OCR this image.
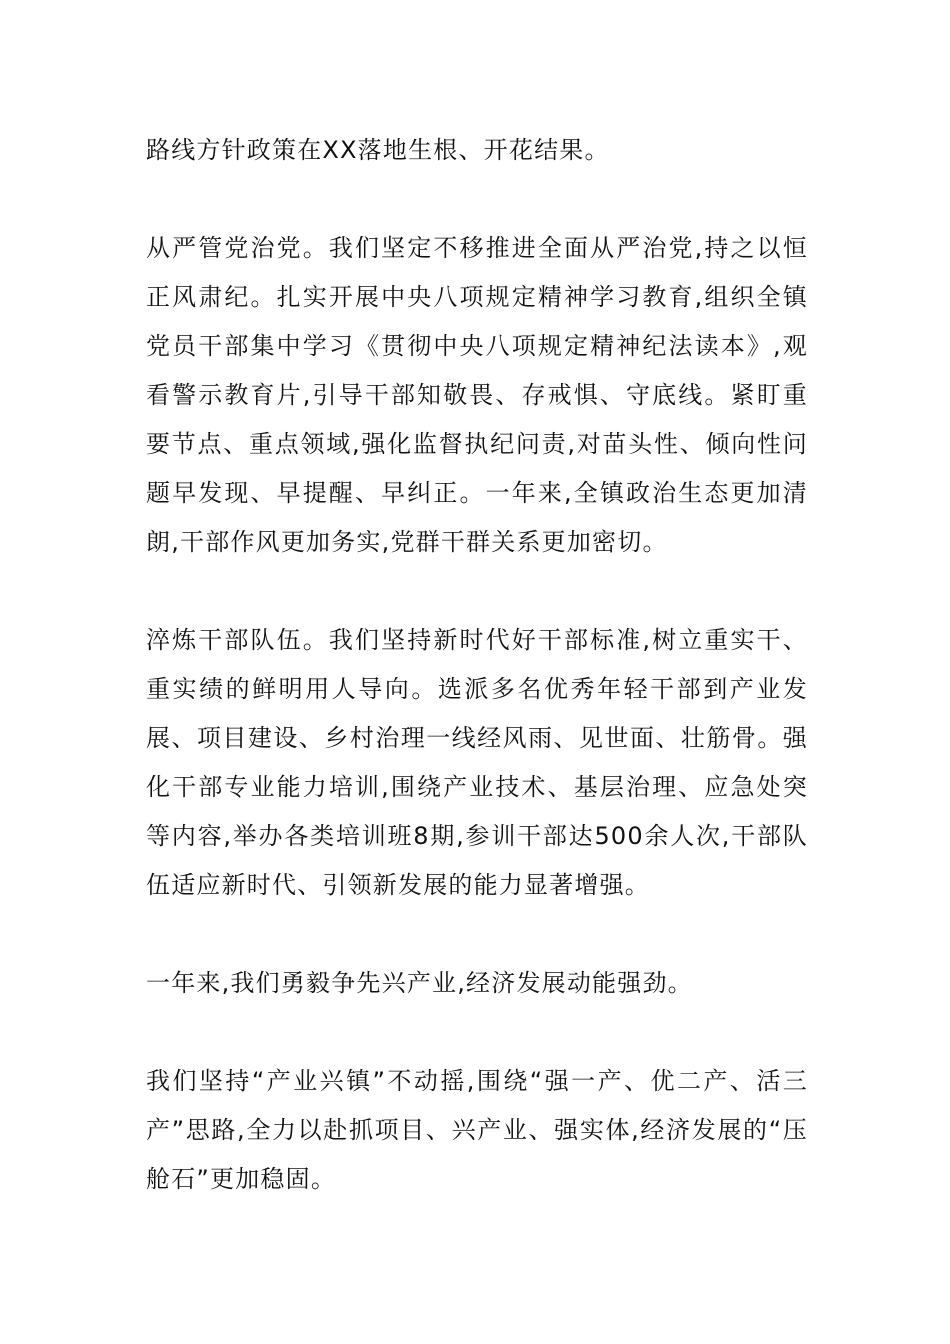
路线方针政策在XX落地生根、开花结果。

从严管党治党。我们坚定不移推进全面从严治党,持之以恒正风肃纪。扎实开展中央八项规定精神学习教育,组织全镇党员干部集中学习《贯彻中央八项规定精神纪法读本》,观看警示教育片,引导干部知敬畏、存戒惧、守底线。紧盯重要节点、重点领域,强化监督执纪问责,对苗头性、倾向性问题早发现、早提醒、早纠正。一年来,全镇政治生态更加清朗,干部作风更加务实,党群干群关系更加密切。

淬炼干部队伍。我们坚持新时代好干部标准,树立重实干、重实绩的鲜明用人导向。选派多名优秀年轻干部到产业发展、项目建设、乡村治理一线经风雨、见世面、壮筋骨。强化干部专业能力培训,围绕产业技术、基层治理、应急处突等内容,举办各类培训班8期,参训干部达500余人次,干部队伍适应新时代、引领新发展的能力显著增强。

一年来,我们勇毅争先兴产业,经济发展动能强劲。

我们坚持“产业兴镇”不动摇,围绕“强一产、优二产、活三产”思路,全力以赴抓项目、兴产业、强实体,经济发展的“压舱石”更加稳固。
